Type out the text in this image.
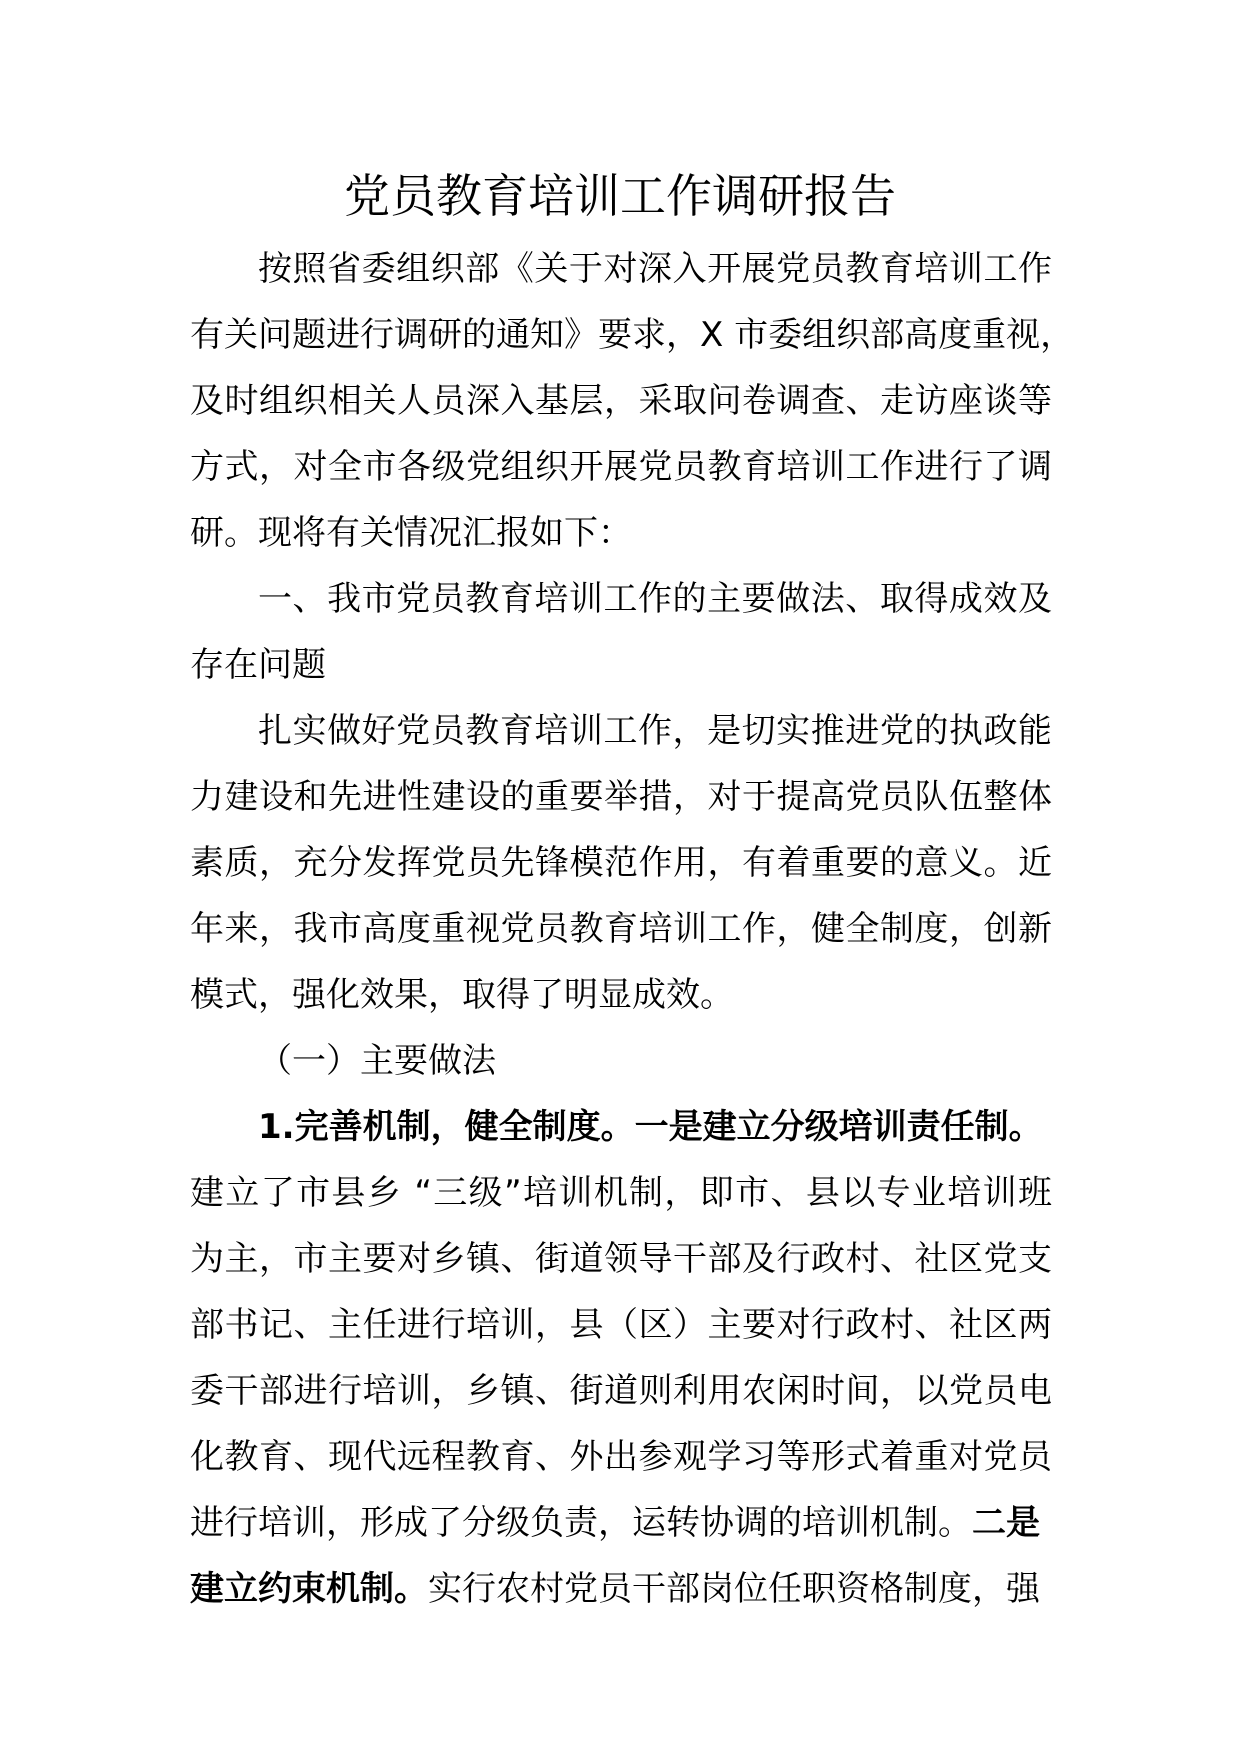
党员教育培训工作调研报告
按照省委组织部《关于对深入开展党员教育培训工作
有关问题进行调研的通知》要求，X 市委组织部高度重视，
及时组织相关人员深入基层，采取问卷调查、走访座谈等
方式，对全市各级党组织开展党员教育培训工作进行了调
研。现将有关情况汇报如下：
一、我市党员教育培训工作的主要做法、取得成效及
存在问题
扎实做好党员教育培训工作，是切实推进党的执政能
力建设和先进性建设的重要举措，对于提高党员队伍整体
素质，充分发挥党员先锋模范作用，有着重要的意义。近
年来，我市高度重视党员教育培训工作，健全制度，创新
模式，强化效果，取得了明显成效。
（一）主要做法
1.完善机制，健全制度。一是建立分级培训责任制。
建立了市县乡 “三级”培训机制，即市、县以专业培训班
为主，市主要对乡镇、街道领导干部及行政村、社区党支
部书记、主任进行培训，县（区）主要对行政村、社区两
委干部进行培训，乡镇、街道则利用农闲时间，以党员电
化教育、现代远程教育、外出参观学习等形式着重对党员
进行培训，形成了分级负责，运转协调的培训机制。二是
建立约束机制。实行农村党员干部岗位任职资格制度，强
